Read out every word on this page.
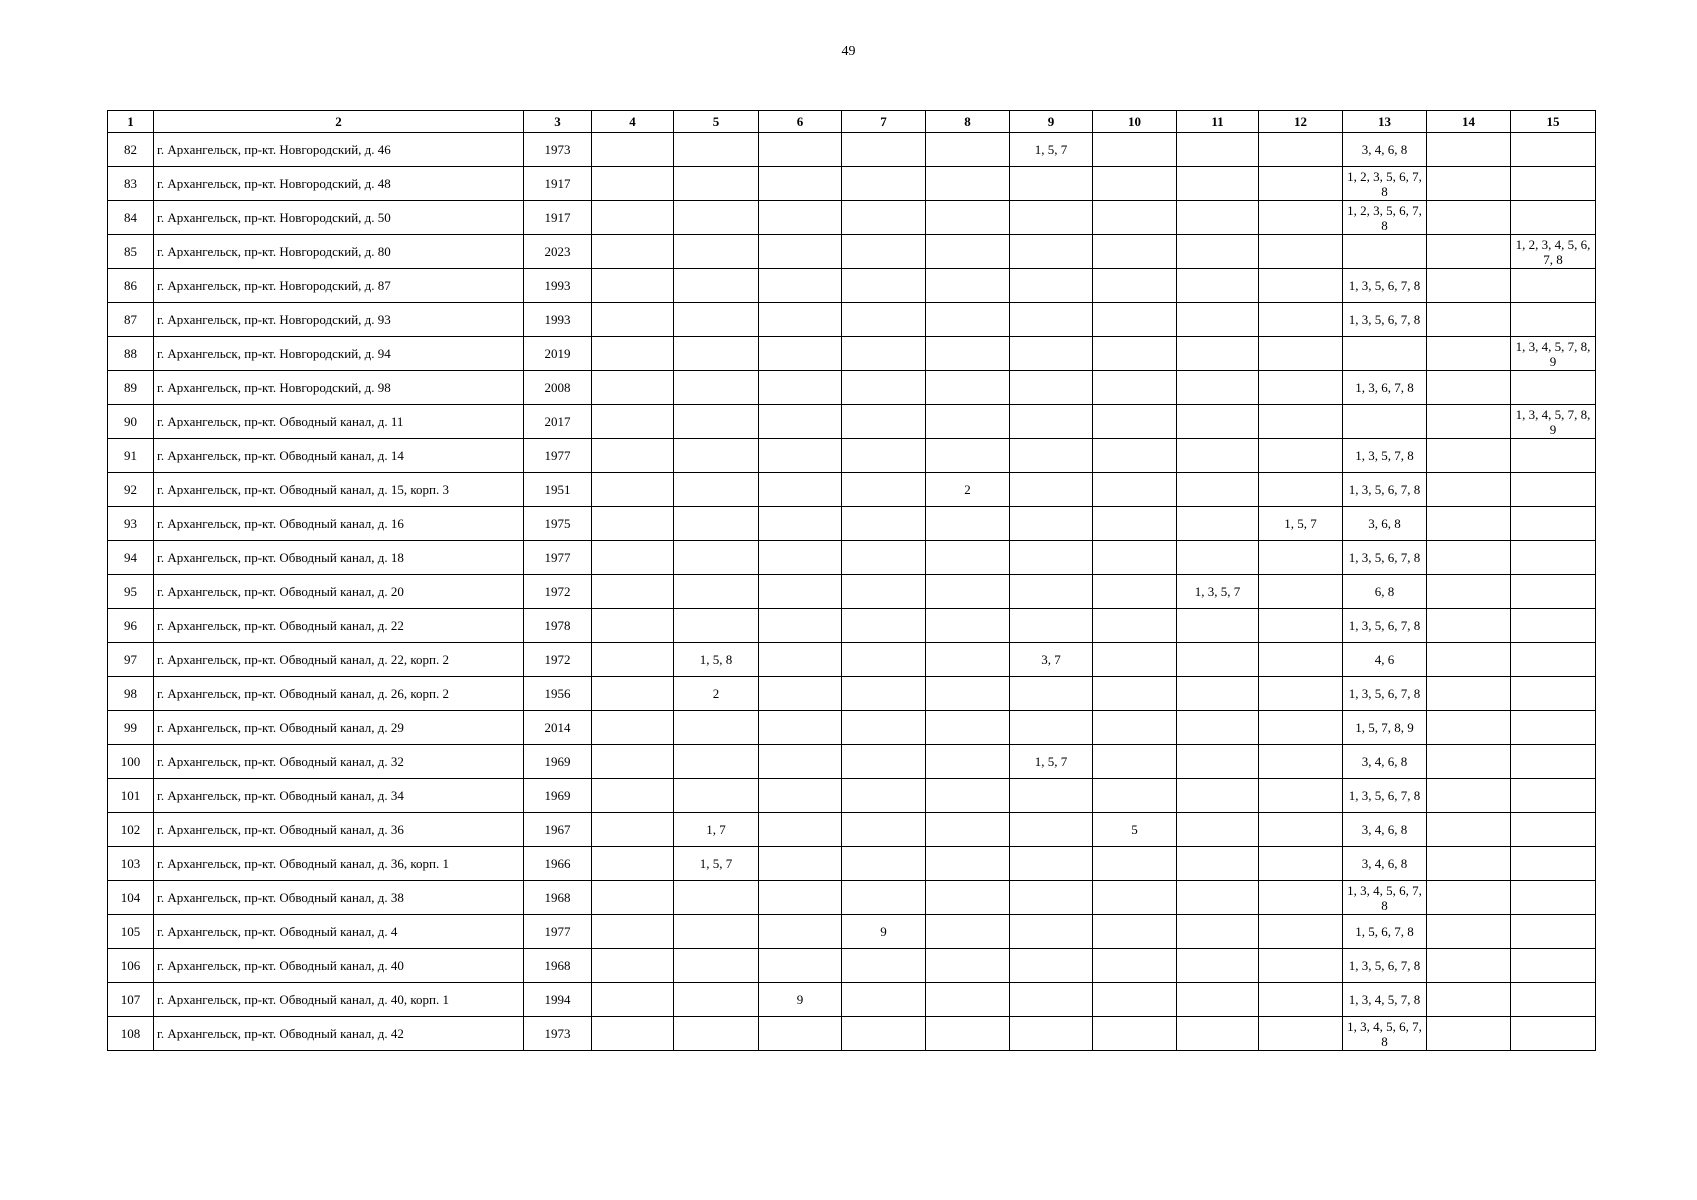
49
1	2	3	4	5	6	7	8	9	10	11	12	13	14	15
82	г. Архангельск, пр-кт. Новгородский, д. 46	1973						1, 5, 7				3, 4, 6, 8		
83	г. Архангельск, пр-кт. Новгородский, д. 48	1917										1, 2, 3, 5, 6, 7, 8		
84	г. Архангельск, пр-кт. Новгородский, д. 50	1917										1, 2, 3, 5, 6, 7, 8		
85	г. Архангельск, пр-кт. Новгородский, д. 80	2023												1, 2, 3, 4, 5, 6, 7, 8
86	г. Архангельск, пр-кт. Новгородский, д. 87	1993										1, 3, 5, 6, 7, 8		
87	г. Архангельск, пр-кт. Новгородский, д. 93	1993										1, 3, 5, 6, 7, 8		
88	г. Архангельск, пр-кт. Новгородский, д. 94	2019												1, 3, 4, 5, 7, 8, 9
89	г. Архангельск, пр-кт. Новгородский, д. 98	2008										1, 3, 6, 7, 8		
90	г. Архангельск, пр-кт. Обводный канал, д. 11	2017												1, 3, 4, 5, 7, 8, 9
91	г. Архангельск, пр-кт. Обводный канал, д. 14	1977										1, 3, 5, 7, 8		
92	г. Архангельск, пр-кт. Обводный канал, д. 15, корп. 3	1951					2					1, 3, 5, 6, 7, 8		
93	г. Архангельск, пр-кт. Обводный канал, д. 16	1975									1, 5, 7	3, 6, 8		
94	г. Архангельск, пр-кт. Обводный канал, д. 18	1977										1, 3, 5, 6, 7, 8		
95	г. Архангельск, пр-кт. Обводный канал, д. 20	1972								1, 3, 5, 7		6, 8		
96	г. Архангельск, пр-кт. Обводный канал, д. 22	1978										1, 3, 5, 6, 7, 8		
97	г. Архангельск, пр-кт. Обводный канал, д. 22, корп. 2	1972		1, 5, 8				3, 7				4, 6		
98	г. Архангельск, пр-кт. Обводный канал, д. 26, корп. 2	1956		2								1, 3, 5, 6, 7, 8		
99	г. Архангельск, пр-кт. Обводный канал, д. 29	2014										1, 5, 7, 8, 9		
100	г. Архангельск, пр-кт. Обводный канал, д. 32	1969						1, 5, 7				3, 4, 6, 8		
101	г. Архангельск, пр-кт. Обводный канал, д. 34	1969										1, 3, 5, 6, 7, 8		
102	г. Архангельск, пр-кт. Обводный канал, д. 36	1967		1, 7					5			3, 4, 6, 8		
103	г. Архангельск, пр-кт. Обводный канал, д. 36, корп. 1	1966		1, 5, 7								3, 4, 6, 8		
104	г. Архангельск, пр-кт. Обводный канал, д. 38	1968										1, 3, 4, 5, 6, 7, 8		
105	г. Архангельск, пр-кт. Обводный канал, д. 4	1977				9						1, 5, 6, 7, 8		
106	г. Архангельск, пр-кт. Обводный канал, д. 40	1968										1, 3, 5, 6, 7, 8		
107	г. Архангельск, пр-кт. Обводный канал, д. 40, корп. 1	1994			9							1, 3, 4, 5, 7, 8		
108	г. Архангельск, пр-кт. Обводный канал, д. 42	1973										1, 3, 4, 5, 6, 7, 8		
